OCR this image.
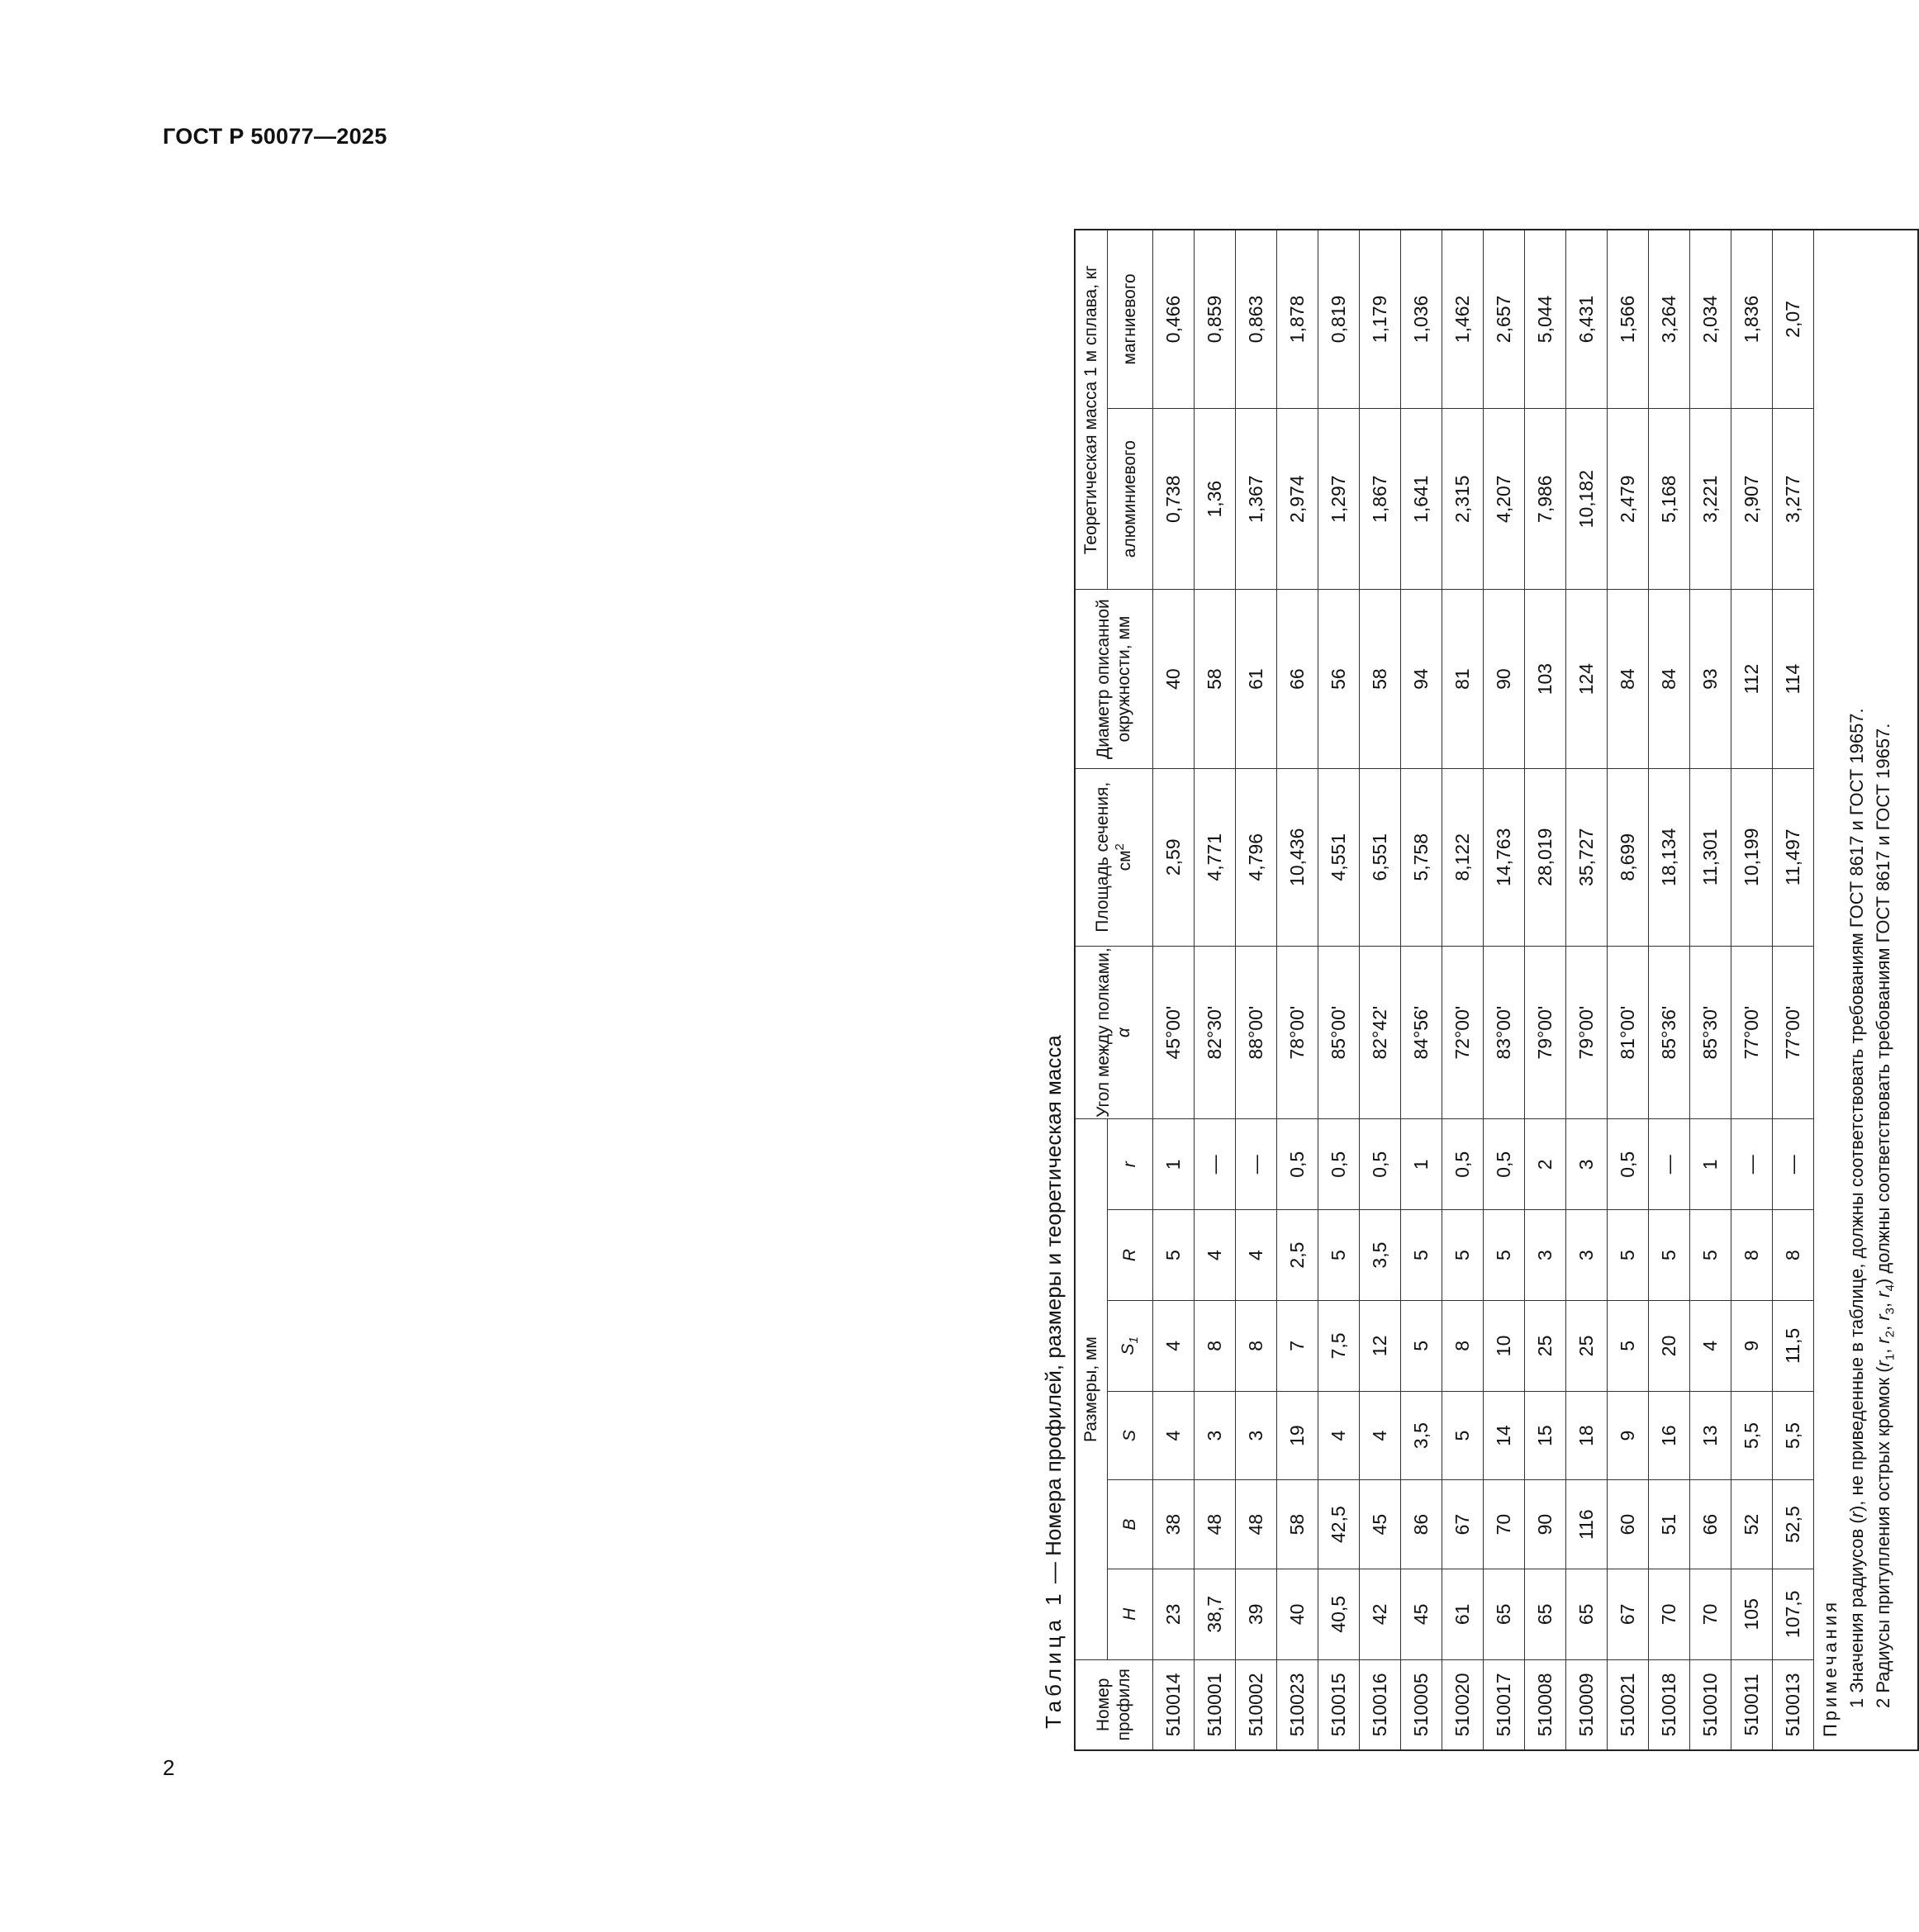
ГОСТ Р 50077—2025
2
Таблица 1 — Номера профилей, размеры и теоретическая масса
Номер профиля	Размеры, мм						Угол между полками, α	Площадь сечения, $см^2$	Диаметр описанной окружности, мм	Теоретическая масса 1 м сплава, кг	
	H	B	S	$S_1$	R	r				алюминиевого	магниевого
510014	23	38	4	4	5	1	45°00'	2,59	40	0,738	0,466
510001	38,7	48	3	8	4	—	82°30'	4,771	58	1,36	0,859
510002	39	48	3	8	4	—	88°00'	4,796	61	1,367	0,863
510023	40	58	19	7	2,5	0,5	78°00'	10,436	66	2,974	1,878
510015	40,5	42,5	4	7,5	5	0,5	85°00'	4,551	56	1,297	0,819
510016	42	45	4	12	3,5	0,5	82°42'	6,551	58	1,867	1,179
510005	45	86	3,5	5	5	1	84°56'	5,758	94	1,641	1,036
510020	61	67	5	8	5	0,5	72°00'	8,122	81	2,315	1,462
510017	65	70	14	10	5	0,5	83°00'	14,763	90	4,207	2,657
510008	65	90	15	25	3	2	79°00'	28,019	103	7,986	5,044
510009	65	116	18	25	3	3	79°00'	35,727	124	10,182	6,431
510021	67	60	9	5	5	0,5	81°00'	8,699	84	2,479	1,566
510018	70	51	16	20	5	—	85°36'	18,134	84	5,168	3,264
510010	70	66	13	4	5	1	85°30'	11,301	93	3,221	2,034
510011	105	52	5,5	9	8	—	77°00'	10,199	112	2,907	1,836
510013	107,5	52,5	5,5	11,5	8	—	77°00'	11,497	114	3,277	2,07

Примечания 1 Значения радиусов (r), не приведенные в таблице, должны соответствовать требованиям ГОСТ 8617 и ГОСТ 19657.
2 Радиусы притупления острых кромок ($r_1$, $r_2$, $r_3$, $r_4$) должны соответствовать требованиям ГОСТ 8617 и ГОСТ 19657.											
